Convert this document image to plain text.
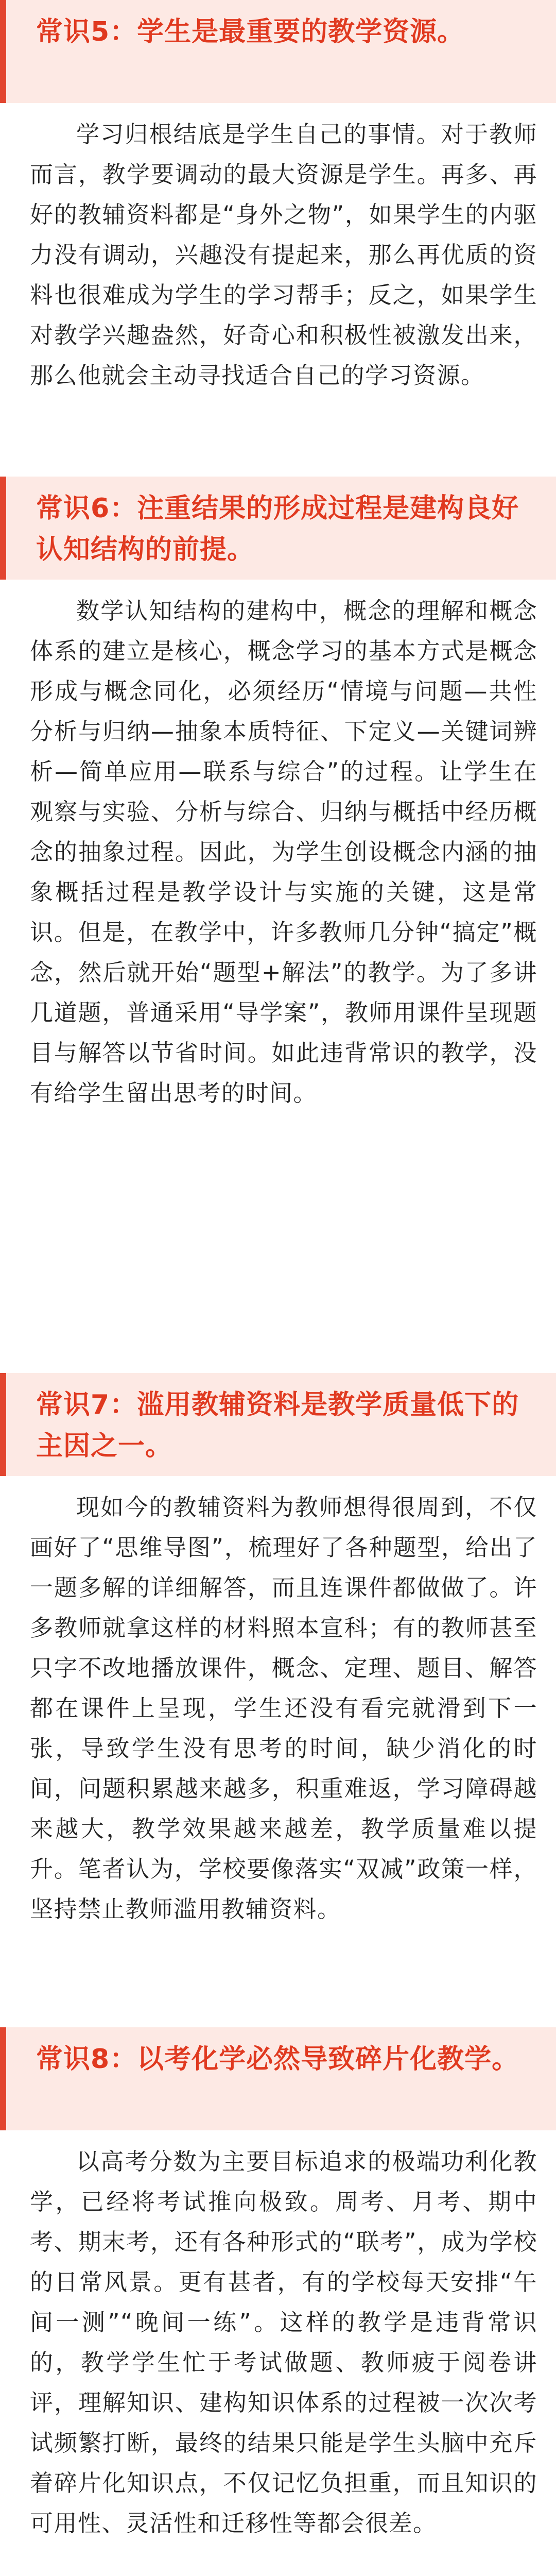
常识5：学生是最重要的教学资源。

学习归根结底是学生自己的事情。对于教师而言，教学要调动的最大资源是学生。再多、再好的教辅资料都是“身外之物”，如果学生的内驱力没有调动，兴趣没有提起来，那么再优质的资料也很难成为学生的学习帮手；反之，如果学生对教学兴趣盎然，好奇心和积极性被激发出来，那么他就会主动寻找适合自己的学习资源。

常识6：注重结果的形成过程是建构良好认知结构的前提。

数学认知结构的建构中，概念的理解和概念体系的建立是核心，概念学习的基本方式是概念形成与概念同化，必须经历“情境与问题—共性分析与归纳—抽象本质特征、下定义—关键词辨析—简单应用—联系与综合”的过程。让学生在观察与实验、分析与综合、归纳与概括中经历概念的抽象过程。因此，为学生创设概念内涵的抽象概括过程是教学设计与实施的关键，这是常识。但是，在教学中，许多教师几分钟“搞定”概念，然后就开始“题型+解法”的教学。为了多讲几道题，普通采用“导学案”，教师用课件呈现题目与解答以节省时间。如此违背常识的教学，没有给学生留出思考的时间。

常识7：滥用教辅资料是教学质量低下的主因之一。

现如今的教辅资料为教师想得很周到，不仅画好了“思维导图”，梳理好了各种题型，给出了一题多解的详细解答，而且连课件都做做了。许多教师就拿这样的材料照本宣科；有的教师甚至只字不改地播放课件，概念、定理、题目、解答都在课件上呈现，学生还没有看完就滑到下一张，导致学生没有思考的时间，缺少消化的时间，问题积累越来越多，积重难返，学习障碍越来越大，教学效果越来越差，教学质量难以提升。笔者认为，学校要像落实“双减”政策一样，坚持禁止教师滥用教辅资料。

常识8：以考化学必然导致碎片化教学。

以高考分数为主要目标追求的极端功利化教学，已经将考试推向极致。周考、月考、期中考、期末考，还有各种形式的“联考”，成为学校的日常风景。更有甚者，有的学校每天安排“午间一测”“晚间一练”。这样的教学是违背常识的，教学学生忙于考试做题、教师疲于阅卷讲评，理解知识、建构知识体系的过程被一次次考试频繁打断，最终的结果只能是学生头脑中充斥着碎片化知识点，不仅记忆负担重，而且知识的可用性、灵活性和迁移性等都会很差。
